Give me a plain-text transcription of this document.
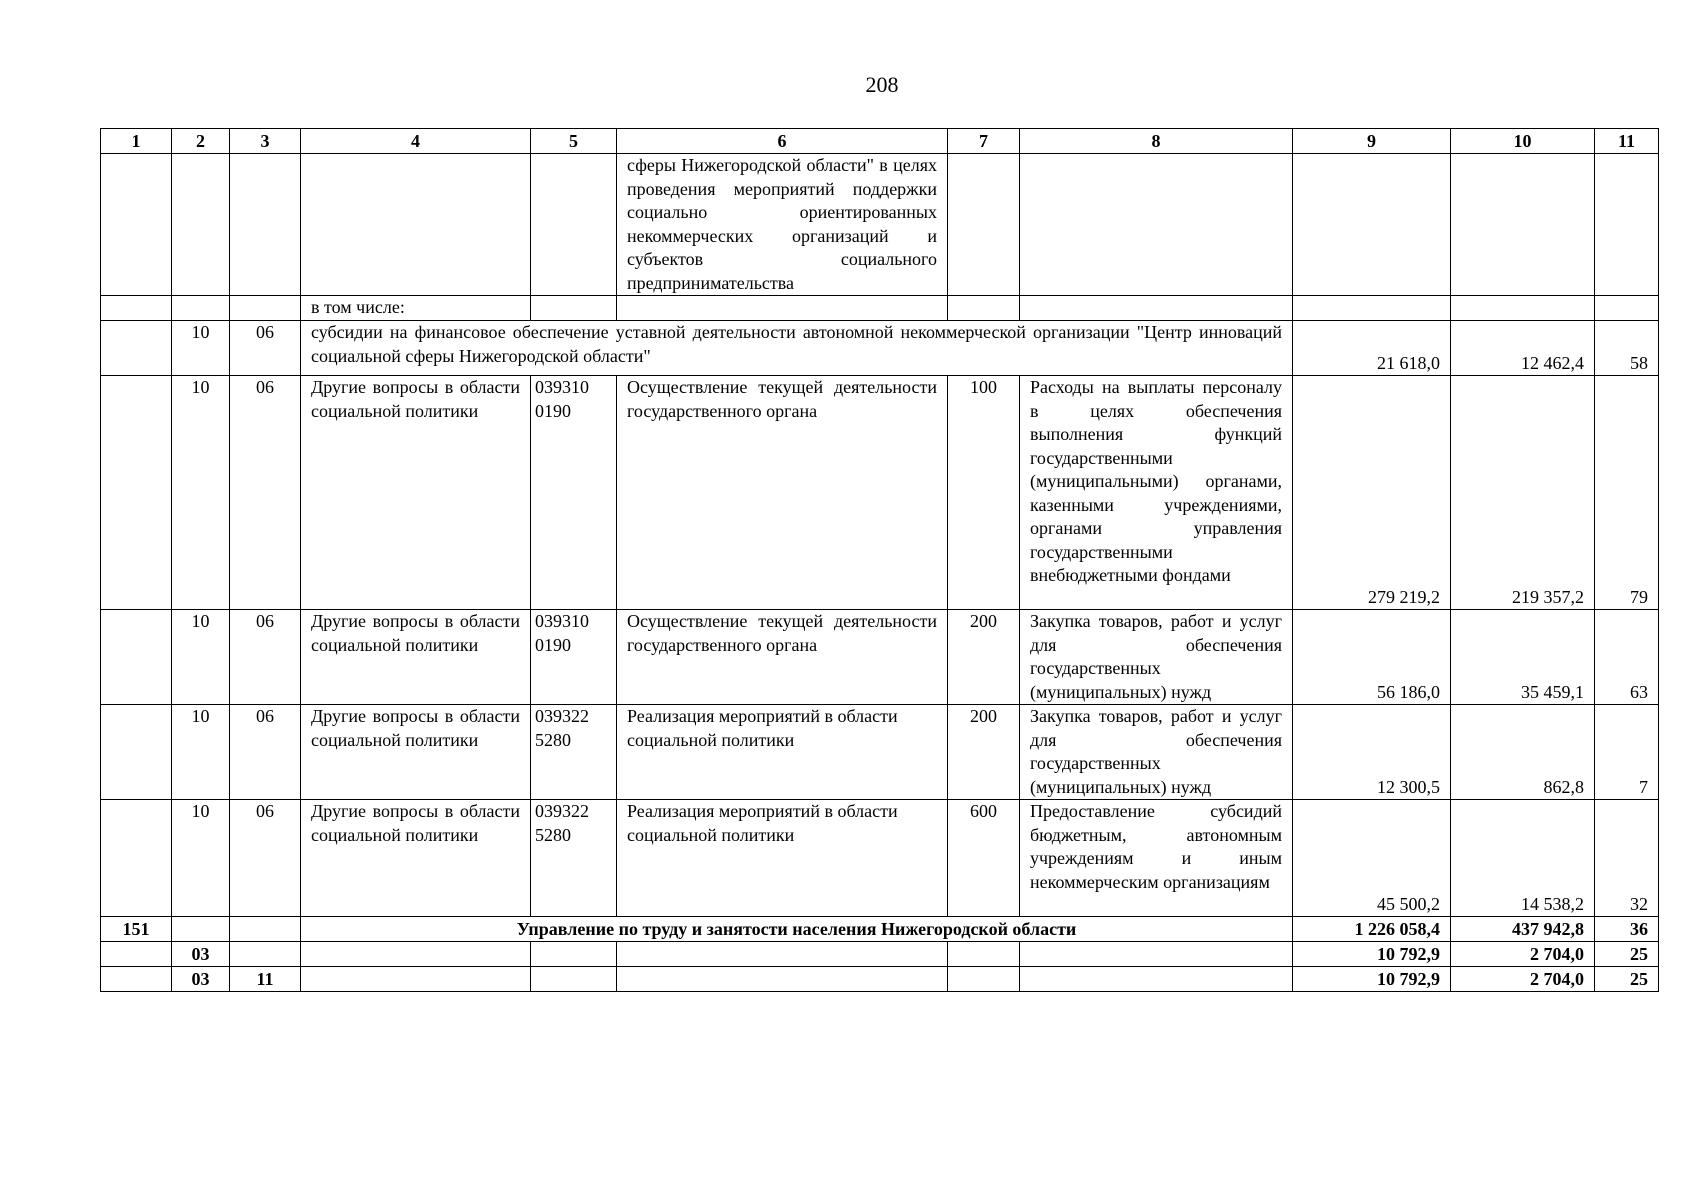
208
1	2	3	4	5	6	7	8	9	10	11
					сферы Нижегородской области" в целях проведения мероприятий поддержки социально ориентированных некоммерческих организаций и субъектов социального предпринимательства					
			в том числе:							
	10	06	субсидии на финансовое обеспечение уставной деятельности автономной некоммерческой организации "Центр инноваций социальной сферы Нижегородской области"					21 618,0	12 462,4	58
	10	06	Другие вопросы в области социальной политики	039310 0190	Осуществление текущей деятельности государственного органа	100	Расходы на выплаты персоналу в целях обеспечения выполнения функций государственными (муниципальными) органами, казенными учреждениями, органами управления государственными внебюджетными фондами	279 219,2	219 357,2	79
	10	06	Другие вопросы в области социальной политики	039310 0190	Осуществление текущей деятельности государственного органа	200	Закупка товаров, работ и услуг для обеспечения государственных (муниципальных) нужд	56 186,0	35 459,1	63
	10	06	Другие вопросы в области социальной политики	039322 5280	Реализация мероприятий в области социальной политики	200	Закупка товаров, работ и услуг для обеспечения государственных (муниципальных) нужд	12 300,5	862,8	7
	10	06	Другие вопросы в области социальной политики	039322 5280	Реализация мероприятий в области социальной политики	600	Предоставление субсидий бюджетным, автономным учреждениям и иным некоммерческим организациям	45 500,2	14 538,2	32
151			Управление по труду и занятости населения Нижегородской области					1 226 058,4	437 942,8	36
	03							10 792,9	2 704,0	25
	03	11						10 792,9	2 704,0	25
